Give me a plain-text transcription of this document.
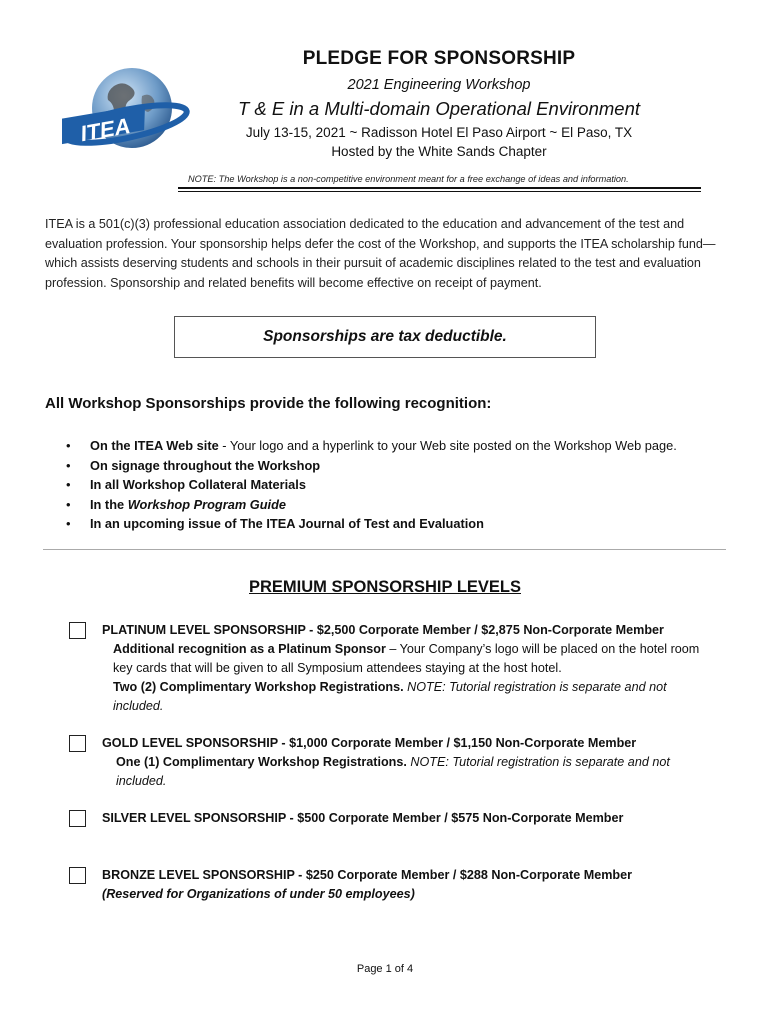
ITEA
PLEDGE FOR SPONSORSHIP
2021 Engineering Workshop
T & E in a Multi-domain Operational Environment
July 13-15, 2021 ~ Radisson Hotel El Paso Airport ~ El Paso, TX
Hosted by the White Sands Chapter
NOTE: The Workshop is a non-competitive environment meant for a free exchange of ideas and information.
ITEA is a 501(c)(3) professional education association dedicated to the education and advancement of the test and evaluation profession. Your sponsorship helps defer the cost of the Workshop, and supports the ITEA scholarship fund—which assists deserving students and schools in their pursuit of academic disciplines related to the test and evaluation profession. Sponsorship and related benefits will become effective on receipt of payment.
Sponsorships are tax deductible.
All Workshop Sponsorships provide the following recognition:
•	On the ITEA Web site - Your logo and a hyperlink to your Web site posted on the Workshop Web page.
•	On signage throughout the Workshop
•	In all Workshop Collateral Materials
•	In the Workshop Program Guide
•	In an upcoming issue of The ITEA Journal of Test and Evaluation
PREMIUM SPONSORSHIP LEVELS
PLATINUM LEVEL SPONSORSHIP - $2,500 Corporate Member / $2,875 Non-Corporate Member
Additional recognition as a Platinum Sponsor – Your Company’s logo will be placed on the hotel room key cards that will be given to all Symposium attendees staying at the host hotel.
Two (2) Complimentary Workshop Registrations. NOTE: Tutorial registration is separate and not included.
GOLD LEVEL SPONSORSHIP - $1,000 Corporate Member / $1,150 Non-Corporate Member
One (1) Complimentary Workshop Registrations. NOTE: Tutorial registration is separate and not included.
SILVER LEVEL SPONSORSHIP - $500 Corporate Member / $575 Non-Corporate Member
BRONZE LEVEL SPONSORSHIP - $250 Corporate Member / $288 Non-Corporate Member
(Reserved for Organizations of under 50 employees)
Page 1 of 4
